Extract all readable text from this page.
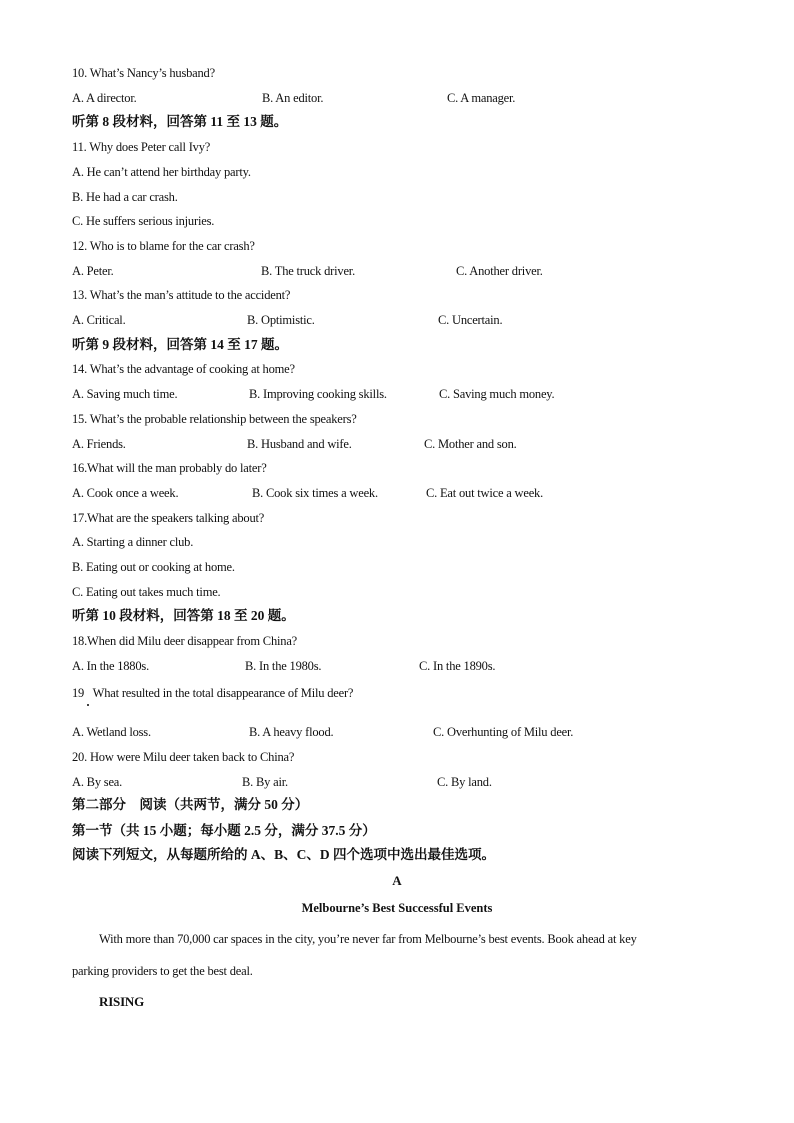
10. What’s Nancy’s husband?
A. A director.	B. An editor.	C. A manager.
听第 8 段材料，回答第 11 至 13 题。
11. Why does Peter call Ivy?
A. He can’t attend her birthday party.
B. He had a car crash.
C. He suffers serious injuries.
12. Who is to blame for the car crash?
A. Peter.	B. The truck driver.	C. Another driver.
13. What’s the man’s attitude to the accident?
A. Critical.	B. Optimistic.	C. Uncertain.
听第 9 段材料，回答第 14 至 17 题。
14. What’s the advantage of cooking at home?
A. Saving much time.	B. Improving cooking skills.	C. Saving much money.
15. What’s the probable relationship between the speakers?
A. Friends.	B. Husband and wife.	C. Mother and son.
16.What will the man probably do later?
A. Cook once a week.	B. Cook six times a week.	C. Eat out twice a week.
17.What are the speakers talking about?
A. Starting a dinner club.
B. Eating out or cooking at home.
C. Eating out takes much time.
听第 10 段材料，回答第 18 至 20 题。
18.When did Milu deer disappear from China?
A. In the 1880s.	B. In the 1980s.	C. In the 1890s.
19   What resulted in the total disappearance of Milu deer?
A. Wetland loss.	B. A heavy flood.	C. Overhunting of Milu deer.
20. How were Milu deer taken back to China?
A. By sea.	B. By air.	C. By land.
第二部分    阅读（共两节，满分 50 分）
第一节（共 15 小题；每小题 2.5 分，满分 37.5 分）
阅读下列短文，从每题所给的 A、B、C、D 四个选项中选出最佳选项。
A
Melbourne’s Best Successful Events
With more than 70,000 car spaces in the city, you’re never far from Melbourne’s best events. Book ahead at key
parking providers to get the best deal.
RISING
